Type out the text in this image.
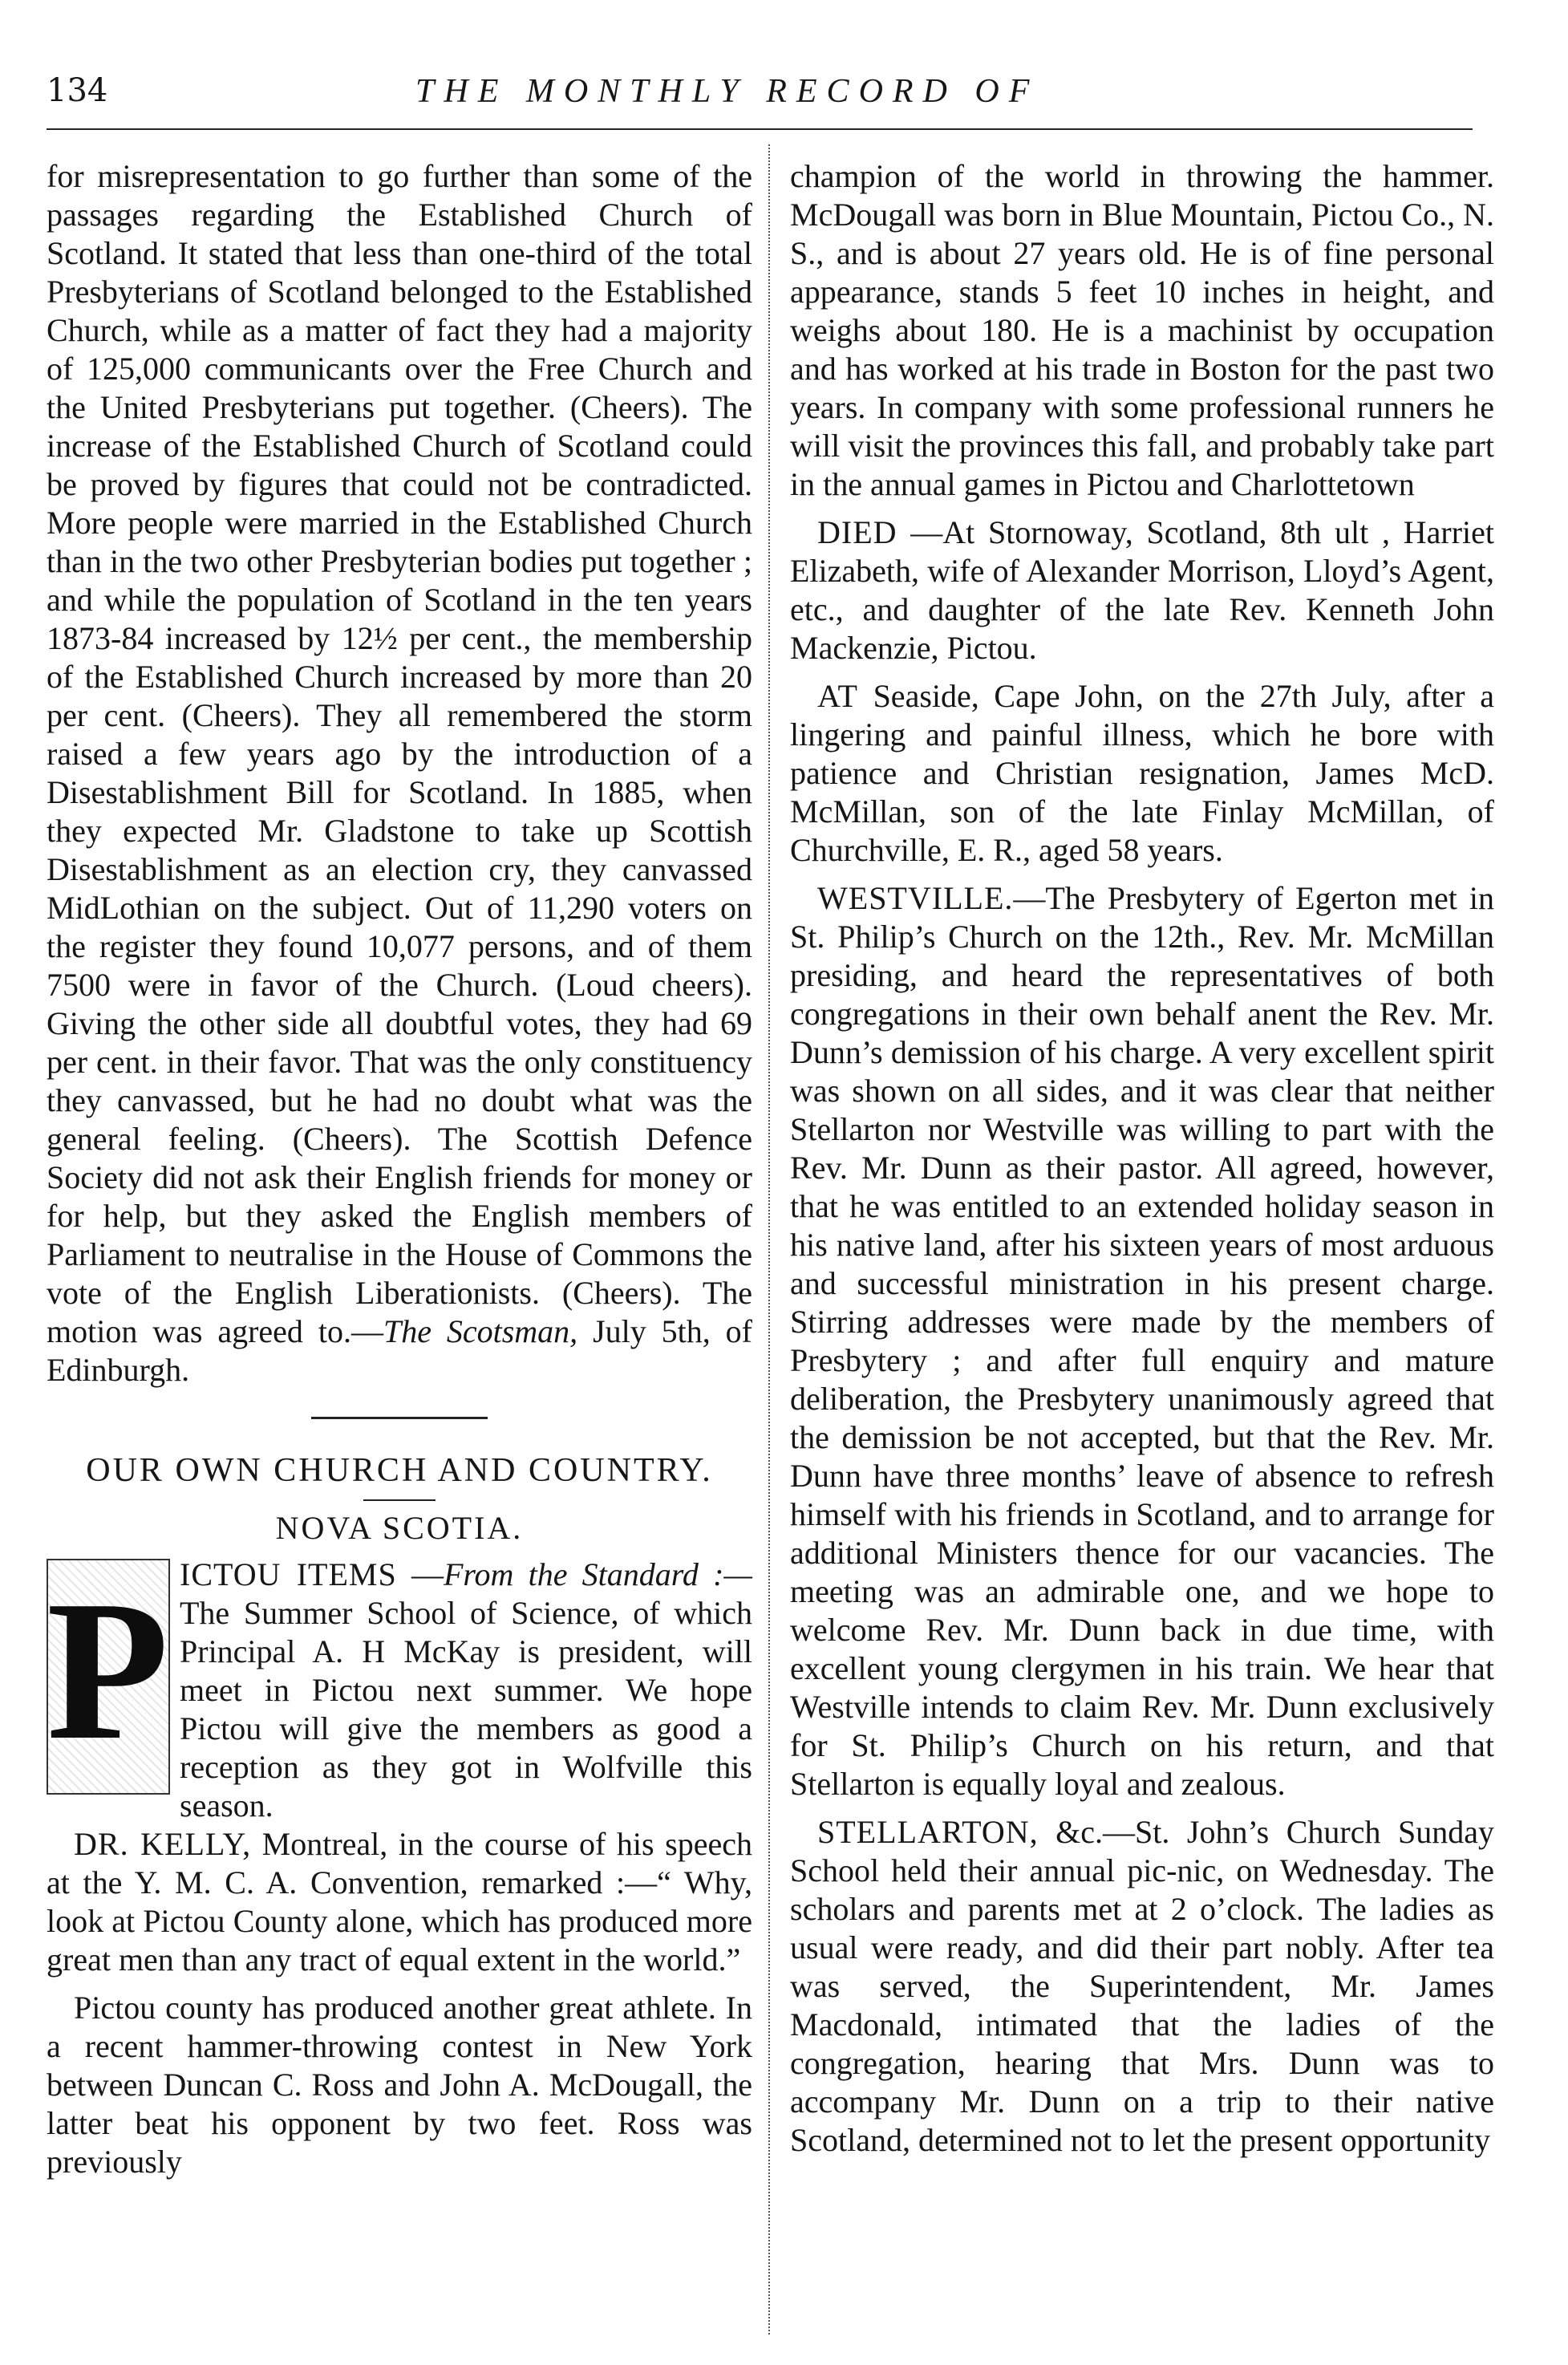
134	THE MONTHLY RECORD OF

for misrepresentation to go further than some of the passages regarding the Established Church of Scotland. It stated that less than one-third of the total Presbyterians of Scotland belonged to the Established Church, while as a matter of fact they had a majority of 125,000 communicants over the Free Church and the United Presbyterians put together. (Cheers). The increase of the Established Church of Scotland could be proved by figures that could not be contradicted. More people were married in the Established Church than in the two other Presbyterian bodies put together ; and while the population of Scotland in the ten years 1873-84 increased by 12½ per cent., the membership of the Established Church increased by more than 20 per cent. (Cheers). They all remembered the storm raised a few years ago by the introduction of a Disestablishment Bill for Scotland. In 1885, when they expected Mr. Gladstone to take up Scottish Disestablishment as an election cry, they canvassed MidLothian on the subject. Out of 11,290 voters on the register they found 10,077 persons, and of them 7500 were in favor of the Church. (Loud cheers). Giving the other side all doubtful votes, they had 69 per cent. in their favor. That was the only constituency they canvassed, but he had no doubt what was the general feeling. (Cheers). The Scottish Defence Society did not ask their English friends for money or for help, but they asked the English members of Parliament to neutralise in the House of Commons the vote of the English Liberationists. (Cheers). The motion was agreed to.—The Scotsman, July 5th, of Edinburgh.

OUR OWN CHURCH AND COUNTRY.
NOVA SCOTIA.

P ICTOU ITEMS —From the Standard :— The Summer School of Science, of which Principal A. H McKay is president, will meet in Pictou next summer. We hope Pictou will give the members as good a reception as they got in Wolfville this season.

DR. KELLY, Montreal, in the course of his speech at the Y. M. C. A. Convention, remarked :—“ Why, look at Pictou County alone, which has produced more great men than any tract of equal extent in the world.”

Pictou county has produced another great athlete. In a recent hammer-throwing contest in New York between Duncan C. Ross and John A. McDougall, the latter beat his opponent by two feet. Ross was previously

champion of the world in throwing the hammer. McDougall was born in Blue Mountain, Pictou Co., N. S., and is about 27 years old. He is of fine personal appearance, stands 5 feet 10 inches in height, and weighs about 180. He is a machinist by occupation and has worked at his trade in Boston for the past two years. In company with some professional runners he will visit the provinces this fall, and probably take part in the annual games in Pictou and Charlottetown

DIED —At Stornoway, Scotland, 8th ult , Harriet Elizabeth, wife of Alexander Morrison, Lloyd’s Agent, etc., and daughter of the late Rev. Kenneth John Mackenzie, Pictou.

AT Seaside, Cape John, on the 27th July, after a lingering and painful illness, which he bore with patience and Christian resignation, James McD. McMillan, son of the late Finlay McMillan, of Churchville, E. R., aged 58 years.

WESTVILLE.—The Presbytery of Egerton met in St. Philip’s Church on the 12th., Rev. Mr. McMillan presiding, and heard the representatives of both congregations in their own behalf anent the Rev. Mr. Dunn’s demission of his charge. A very excellent spirit was shown on all sides, and it was clear that neither Stellarton nor Westville was willing to part with the Rev. Mr. Dunn as their pastor. All agreed, however, that he was entitled to an extended holiday season in his native land, after his sixteen years of most arduous and successful ministration in his present charge. Stirring addresses were made by the members of Presbytery ; and after full enquiry and mature deliberation, the Presbytery unanimously agreed that the demission be not accepted, but that the Rev. Mr. Dunn have three months’ leave of absence to refresh himself with his friends in Scotland, and to arrange for additional Ministers thence for our vacancies. The meeting was an admirable one, and we hope to welcome Rev. Mr. Dunn back in due time, with excellent young clergymen in his train. We hear that Westville intends to claim Rev. Mr. Dunn exclusively for St. Philip’s Church on his return, and that Stellarton is equally loyal and zealous.

STELLARTON, &c.—St. John’s Church Sunday School held their annual pic-nic, on Wednesday. The scholars and parents met at 2 o’clock. The ladies as usual were ready, and did their part nobly. After tea was served, the Superintendent, Mr. James Macdonald, intimated that the ladies of the congregation, hearing that Mrs. Dunn was to accompany Mr. Dunn on a trip to their native Scotland, determined not to let the present opportunity
